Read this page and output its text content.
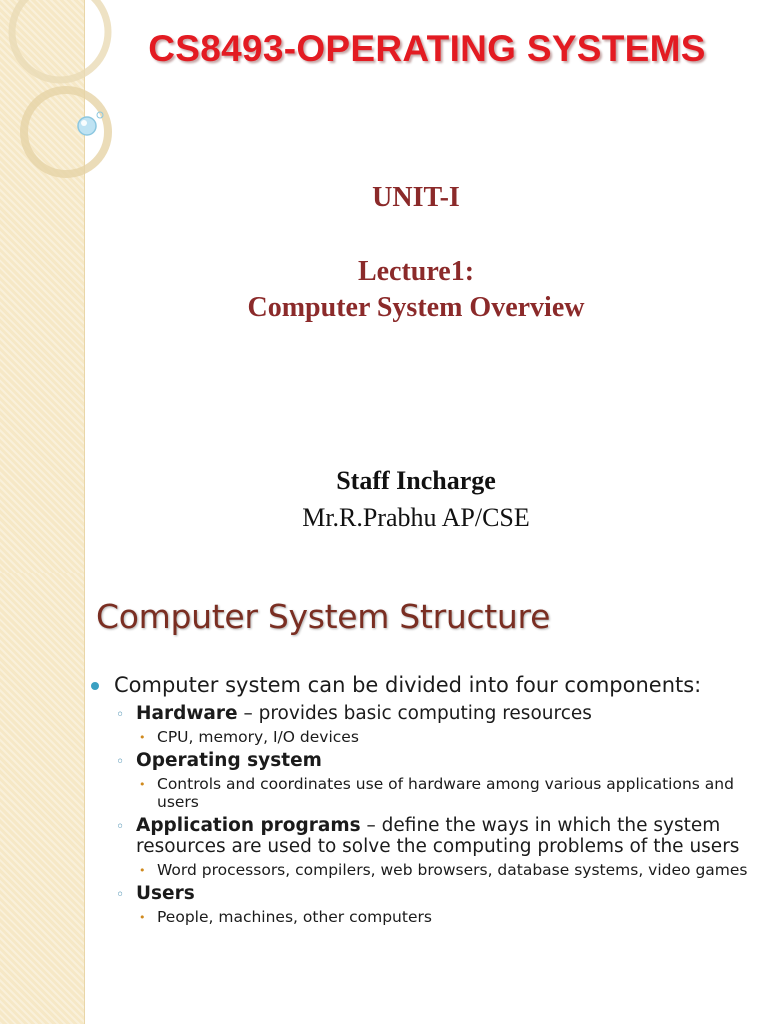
CS8493-OPERATING SYSTEMS
UNIT-I
Lecture1:
Computer System Overview
Staff Incharge
Mr.R.Prabhu AP/CSE
Computer System Structure

Computer system can be divided into four components:

◦ Hardware – provides basic computing resources

• CPU, memory, I/O devices

◦ Operating system

• Controls and coordinates use of hardware among various applications and users

◦ Application programs – define the ways in which the system resources are used to solve the computing problems of the users

• Word processors, compilers, web browsers, database systems, video games

◦ Users

• People, machines, other computers
